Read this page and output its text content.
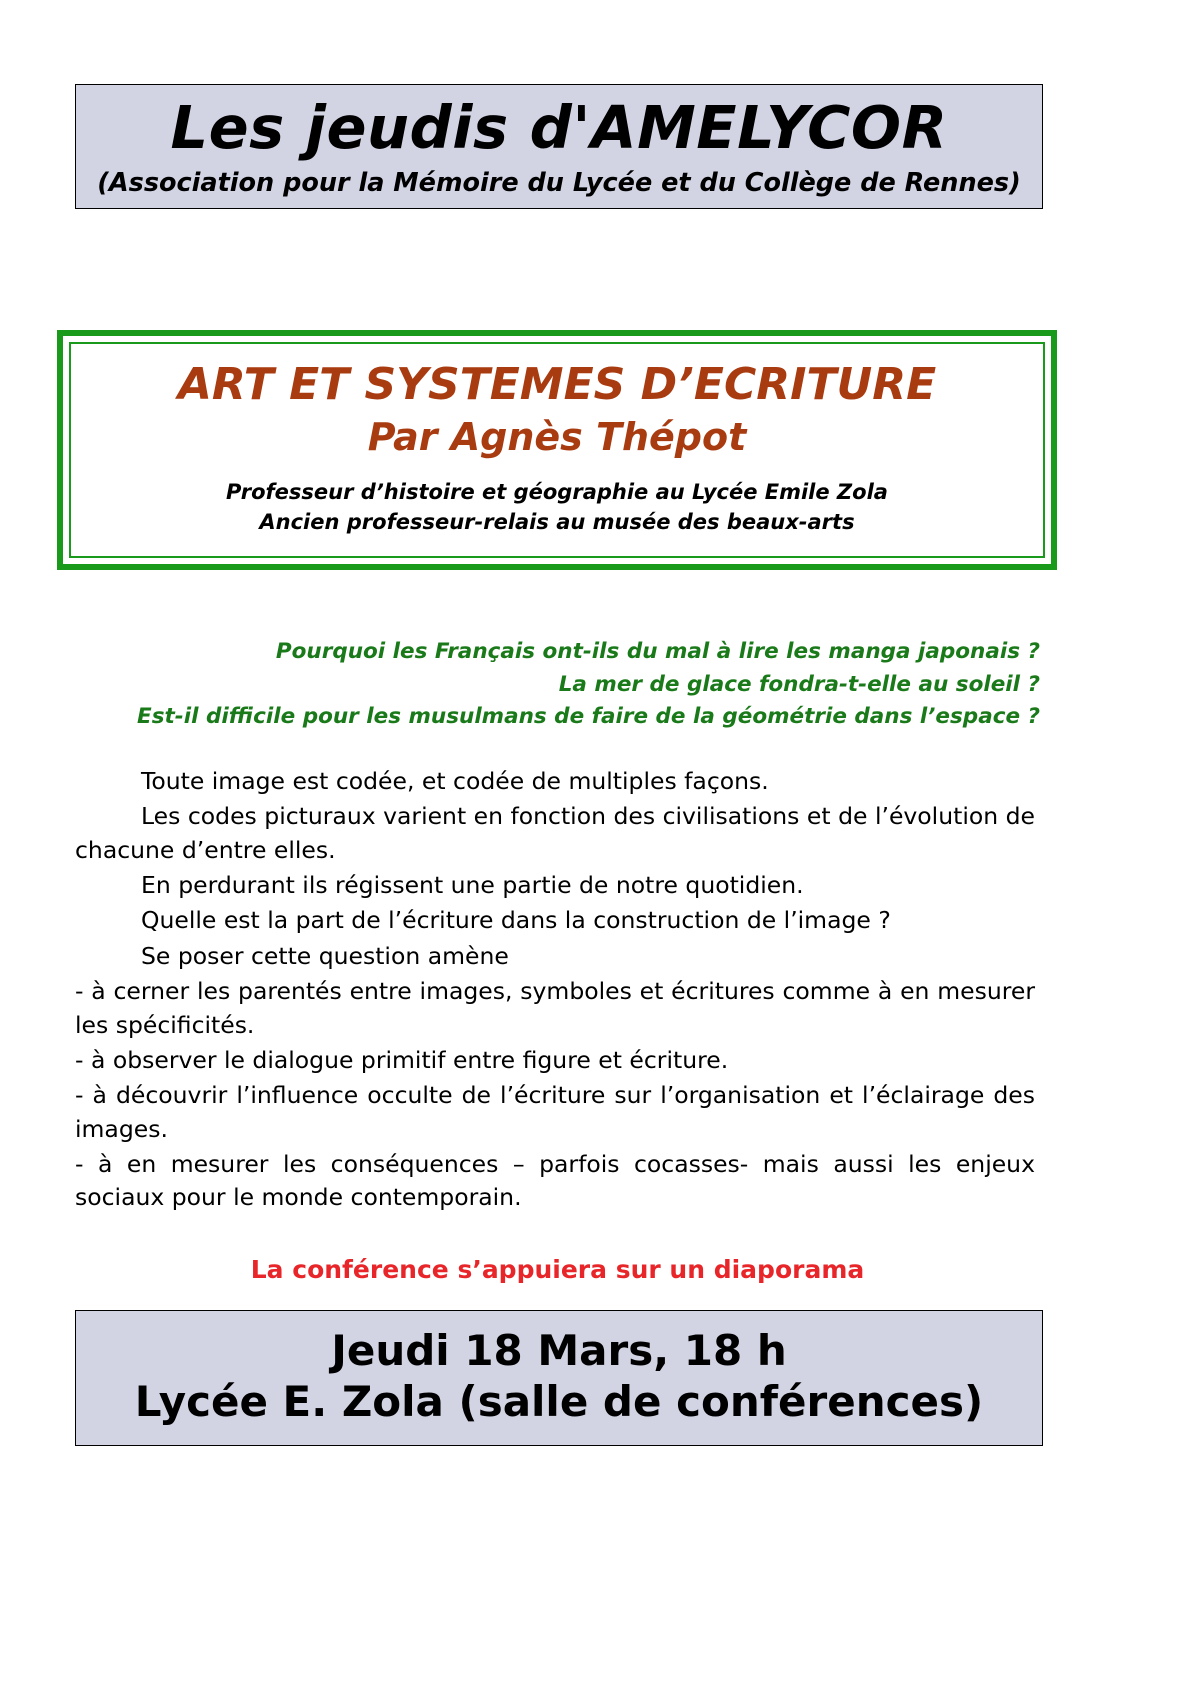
Les jeudis d'AMELYCOR
(Association pour la Mémoire du Lycée et du Collège de Rennes)
ART ET SYSTEMES D’ECRITURE
Par Agnès Thépot
Professeur d’histoire et géographie au Lycée Emile Zola
Ancien professeur-relais au musée des beaux-arts
Pourquoi les Français ont-ils du mal à lire les manga japonais ?
La mer de glace fondra-t-elle au soleil ?
Est-il difficile pour les musulmans de faire de la géométrie dans l’espace ?

Toute image est codée, et codée de multiples façons.

Les codes picturaux varient en fonction des civilisations et de l’évolution de chacune d’entre elles.

En perdurant ils régissent une partie de notre quotidien.

Quelle est la part de l’écriture dans la construction de l’image ?

Se poser cette question amène

- à cerner les parentés entre images, symboles et écritures comme à en mesurer les spécificités.

- à observer le dialogue primitif entre figure et écriture.

- à découvrir l’influence occulte de l’écriture sur l’organisation et l’éclairage des images.

- à en mesurer les conséquences – parfois cocasses- mais aussi les enjeux sociaux pour le monde contemporain.

La conférence s’appuiera sur un diaporama
Jeudi 18 Mars, 18 h
Lycée E. Zola (salle de conférences)
